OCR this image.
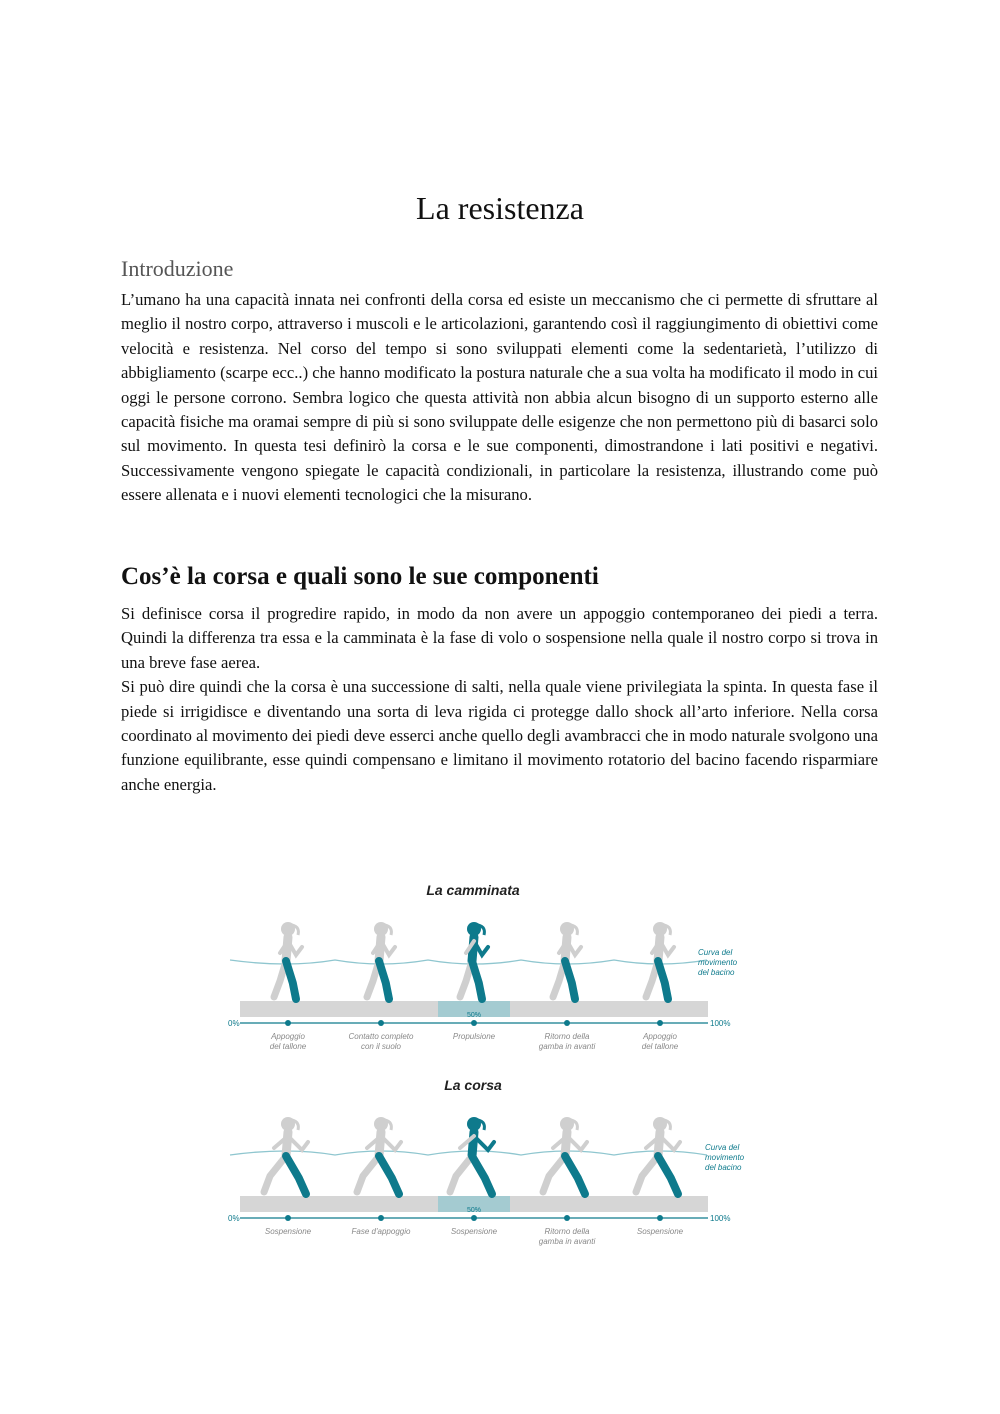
La resistenza
Introduzione

L’umano ha una capacità innata nei confronti della corsa ed esiste un meccanismo che ci permette di sfruttare al meglio il nostro corpo, attraverso i muscoli e le articolazioni, garantendo così il raggiungimento di obiettivi come velocità e resistenza. Nel corso del tempo si sono sviluppati elementi come la sedentarietà, l’utilizzo di abbigliamento (scarpe ecc..) che hanno modificato la postura naturale che a sua volta ha modificato il modo in cui oggi le persone corrono. Sembra logico che questa attività non abbia alcun bisogno di un supporto esterno alle capacità fisiche ma oramai sempre di più si sono sviluppate delle esigenze che non permettono più di basarci solo sul movimento. In questa tesi definirò la corsa e le sue componenti, dimostrandone i lati positivi e negativi. Successivamente vengono spiegate le capacità condizionali, in particolare la resistenza, illustrando come può essere allenata e i nuovi elementi tecnologici che la misurano.

Cos’è la corsa e quali sono le sue componenti

Si definisce corsa il progredire rapido, in modo da non avere un appoggio contemporaneo dei piedi a terra. Quindi la differenza tra essa e la camminata è la fase di volo o sospensione nella quale il nostro corpo si trova in una breve fase aerea.

Si può dire quindi che la corsa è una successione di salti, nella quale viene privilegiata la spinta. In questa fase il piede si irrigidisce e diventando una sorta di leva rigida ci protegge dallo shock all’arto inferiore. Nella corsa coordinato al movimento dei piedi deve esserci anche quello degli avambracci che in modo naturale svolgono una funzione equilibrante, esse quindi compensano e limitano il movimento rotatorio del bacino facendo risparmiare anche energia.

La camminata
Curva del movimento del bacino
0%	100%
50%
Appoggio del tallone
Contatto completo con il suolo
Propulsione	Ritorno della gamba in avanti
Appoggio del tallone
La corsa
Curva del movimento del bacino
0%	100%
50%
Sospensione	Fase d'appoggio	Sospensione	Ritorno della gamba in avanti
Sospensione
